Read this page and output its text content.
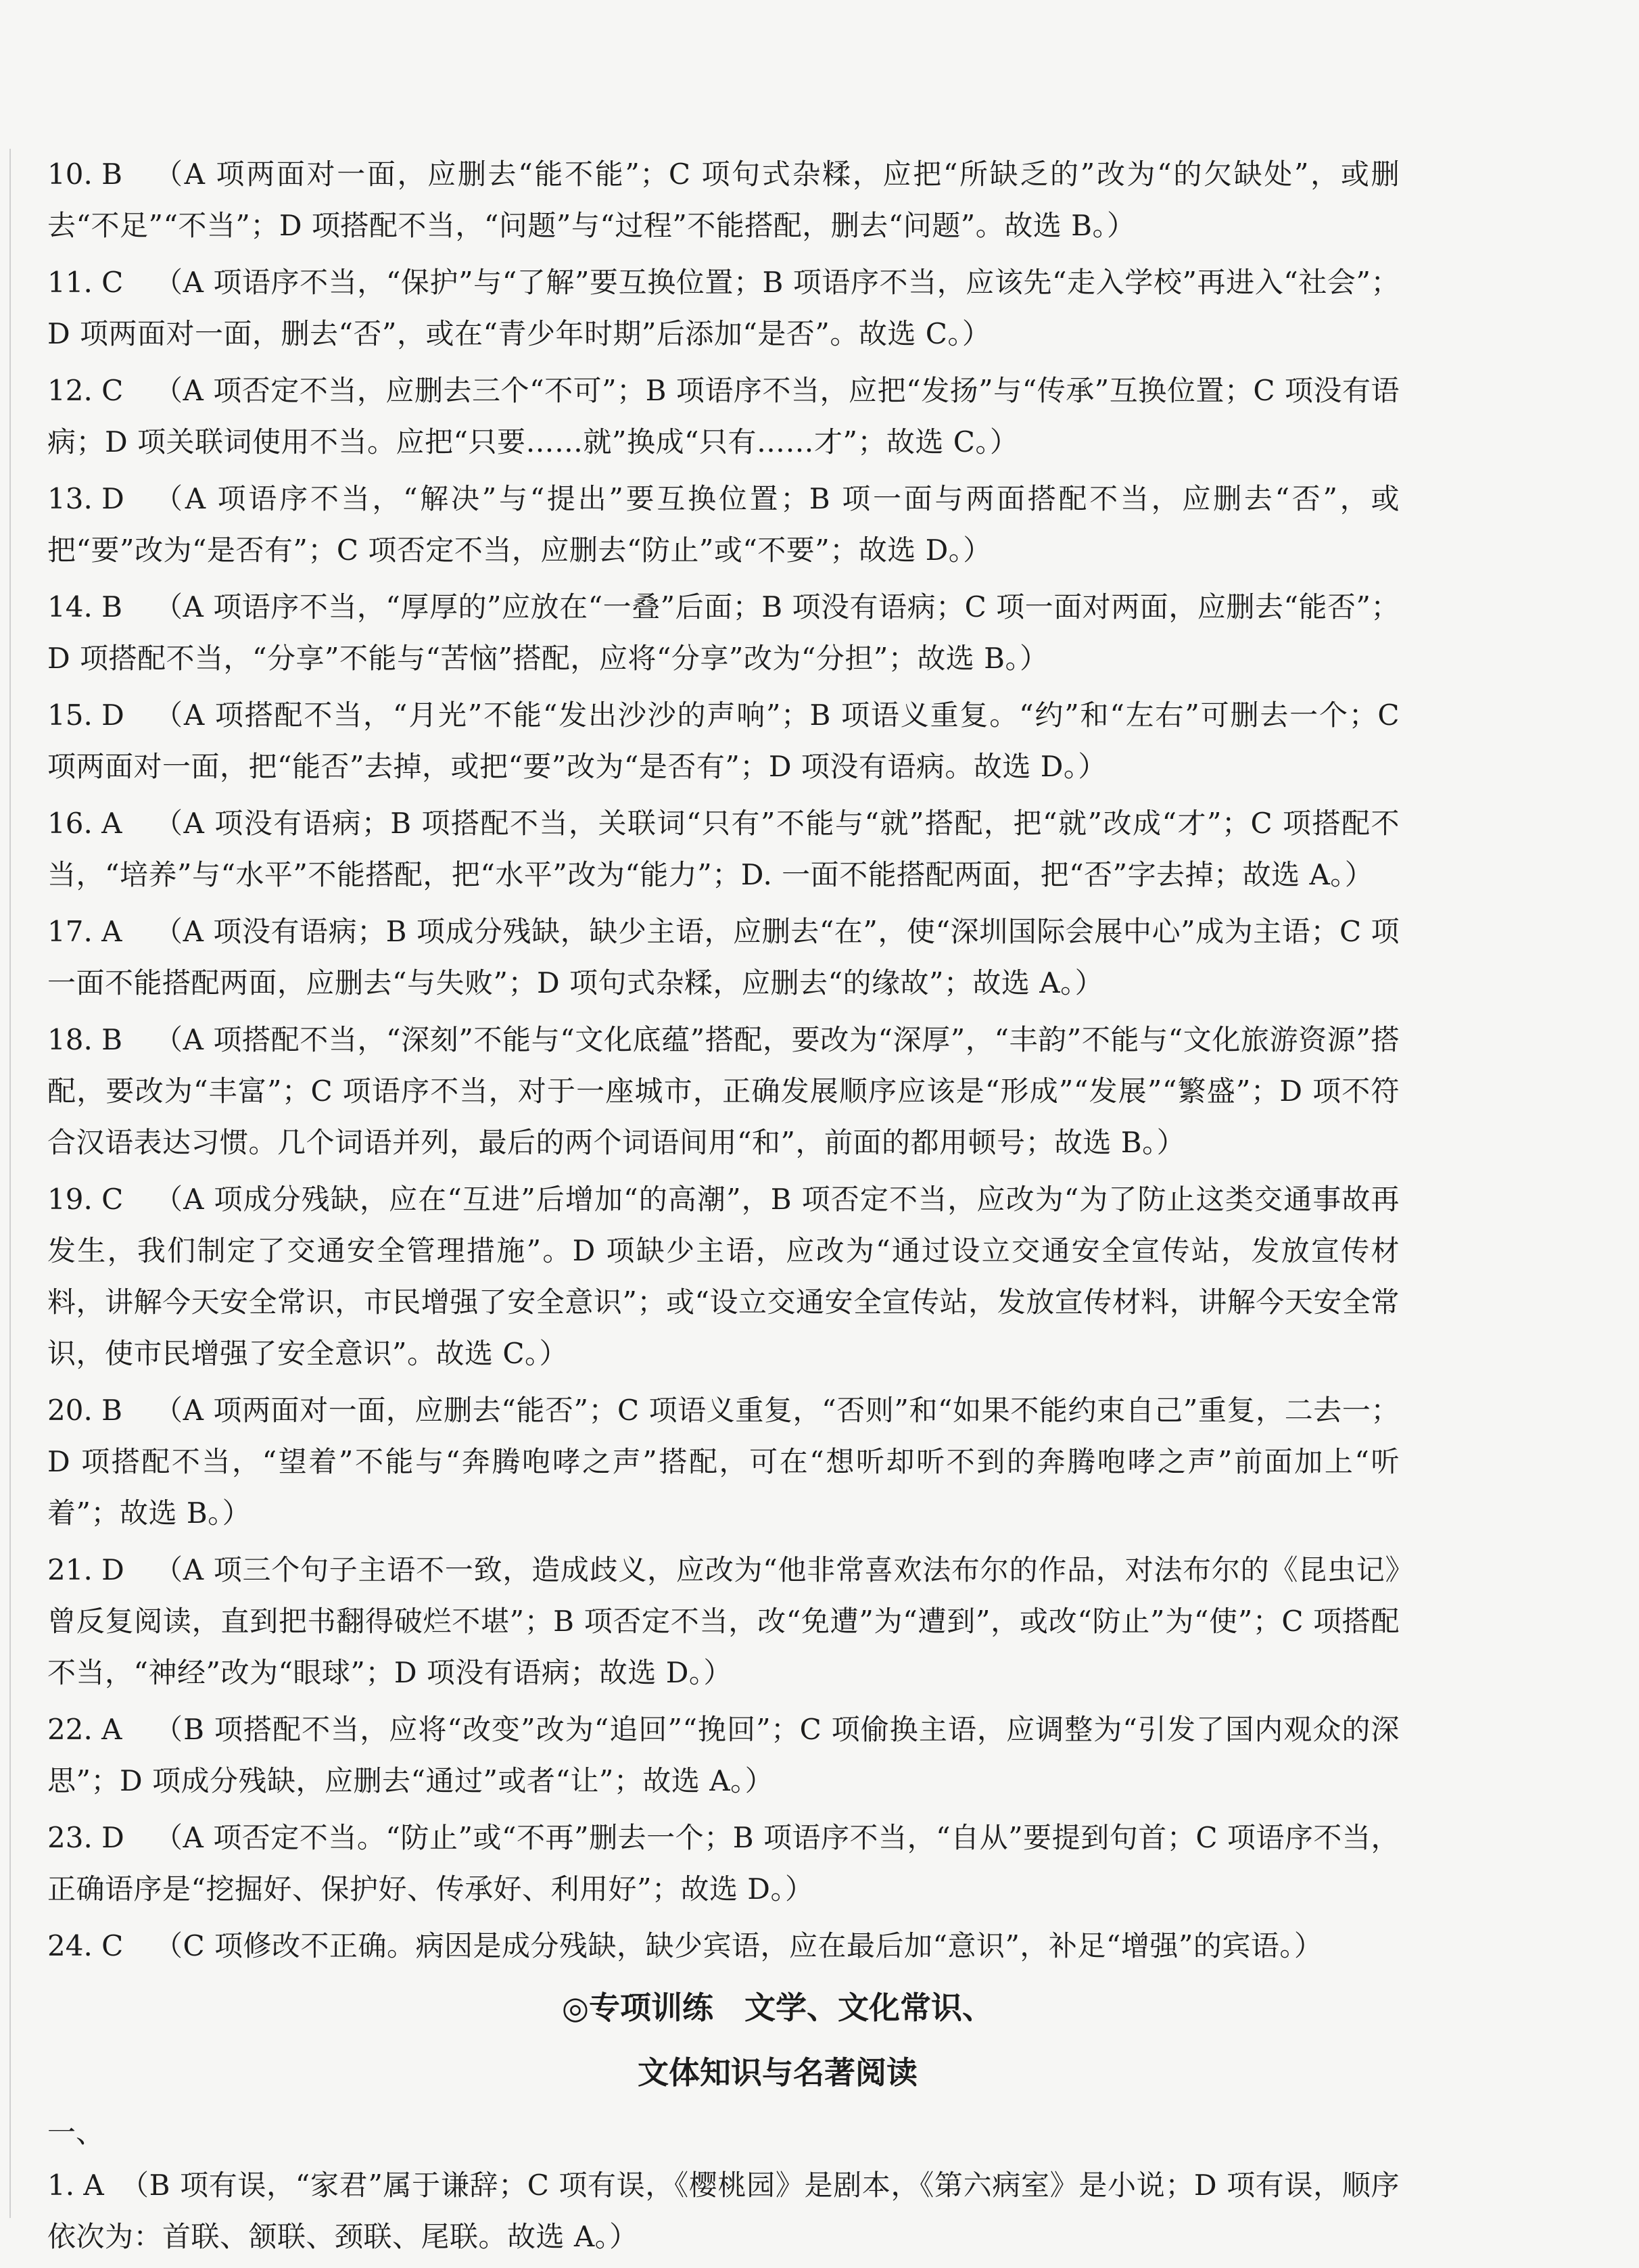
10. B	（A 项两面对一面，应删去“能不能”；C 项句式杂糅，应把“所缺乏的”改为“的欠缺处”，或删去“不足”“不当”；D 项搭配不当，“问题”与“过程”不能搭配，删去“问题”。故选 B。）
11. C	（A 项语序不当，“保护”与“了解”要互换位置；B 项语序不当，应该先“走入学校”再进入“社会”；D 项两面对一面，删去“否”，或在“青少年时期”后添加“是否”。故选 C。）
12. C	（A 项否定不当，应删去三个“不可”；B 项语序不当，应把“发扬”与“传承”互换位置；C 项没有语病；D 项关联词使用不当。应把“只要……就”换成“只有……才”；故选 C。）
13. D	（A 项语序不当，“解决”与“提出”要互换位置；B 项一面与两面搭配不当，应删去“否”，或把“要”改为“是否有”；C 项否定不当，应删去“防止”或“不要”；故选 D。）
14. B	（A 项语序不当，“厚厚的”应放在“一叠”后面；B 项没有语病；C 项一面对两面，应删去“能否”；D 项搭配不当，“分享”不能与“苦恼”搭配，应将“分享”改为“分担”；故选 B。）
15. D	（A 项搭配不当，“月光”不能“发出沙沙的声响”；B 项语义重复。“约”和“左右”可删去一个；C 项两面对一面，把“能否”去掉，或把“要”改为“是否有”；D 项没有语病。故选 D。）
16. A	（A 项没有语病；B 项搭配不当，关联词“只有”不能与“就”搭配，把“就”改成“才”；C 项搭配不当，“培养”与“水平”不能搭配，把“水平”改为“能力”；D. 一面不能搭配两面，把“否”字去掉；故选 A。）
17. A	（A 项没有语病；B 项成分残缺，缺少主语，应删去“在”，使“深圳国际会展中心”成为主语；C 项一面不能搭配两面，应删去“与失败”；D 项句式杂糅，应删去“的缘故”；故选 A。）
18. B	（A 项搭配不当，“深刻”不能与“文化底蕴”搭配，要改为“深厚”，“丰韵”不能与“文化旅游资源”搭配，要改为“丰富”；C 项语序不当，对于一座城市，正确发展顺序应该是“形成”“发展”“繁盛”；D 项不符合汉语表达习惯。几个词语并列，最后的两个词语间用“和”，前面的都用顿号；故选 B。）
19. C	（A 项成分残缺，应在“互进”后增加“的高潮”，B 项否定不当，应改为“为了防止这类交通事故再发生，我们制定了交通安全管理措施”。D 项缺少主语，应改为“通过设立交通安全宣传站，发放宣传材料，讲解今天安全常识，市民增强了安全意识”；或“设立交通安全宣传站，发放宣传材料，讲解今天安全常识，使市民增强了安全意识”。故选 C。）
20. B	（A 项两面对一面，应删去“能否”；C 项语义重复，“否则”和“如果不能约束自己”重复，二去一；D 项搭配不当，“望着”不能与“奔腾咆哮之声”搭配，可在“想听却听不到的奔腾咆哮之声”前面加上“听着”；故选 B。）
21. D	（A 项三个句子主语不一致，造成歧义，应改为“他非常喜欢法布尔的作品，对法布尔的《昆虫记》曾反复阅读，直到把书翻得破烂不堪”；B 项否定不当，改“免遭”为“遭到”，或改“防止”为“使”；C 项搭配不当，“神经”改为“眼球”；D 项没有语病；故选 D。）
22. A	（B 项搭配不当，应将“改变”改为“追回”“挽回”；C 项偷换主语，应调整为“引发了国内观众的深思”；D 项成分残缺，应删去“通过”或者“让”；故选 A。）
23. D	（A 项否定不当。“防止”或“不再”删去一个；B 项语序不当，“自从”要提到句首；C 项语序不当，正确语序是“挖掘好、保护好、传承好、利用好”；故选 D。）
24. C	（C 项修改不正确。病因是成分残缺，缺少宾语，应在最后加“意识”，补足“增强”的宾语。）
◎专项训练　文学、文化常识、
文体知识与名著阅读
一、
1. A （B 项有误，“家君”属于谦辞；C 项有误，《樱桃园》是剧本，《第六病室》是小说；D 项有误，顺序依次为：首联、颔联、颈联、尾联。故选 A。）
